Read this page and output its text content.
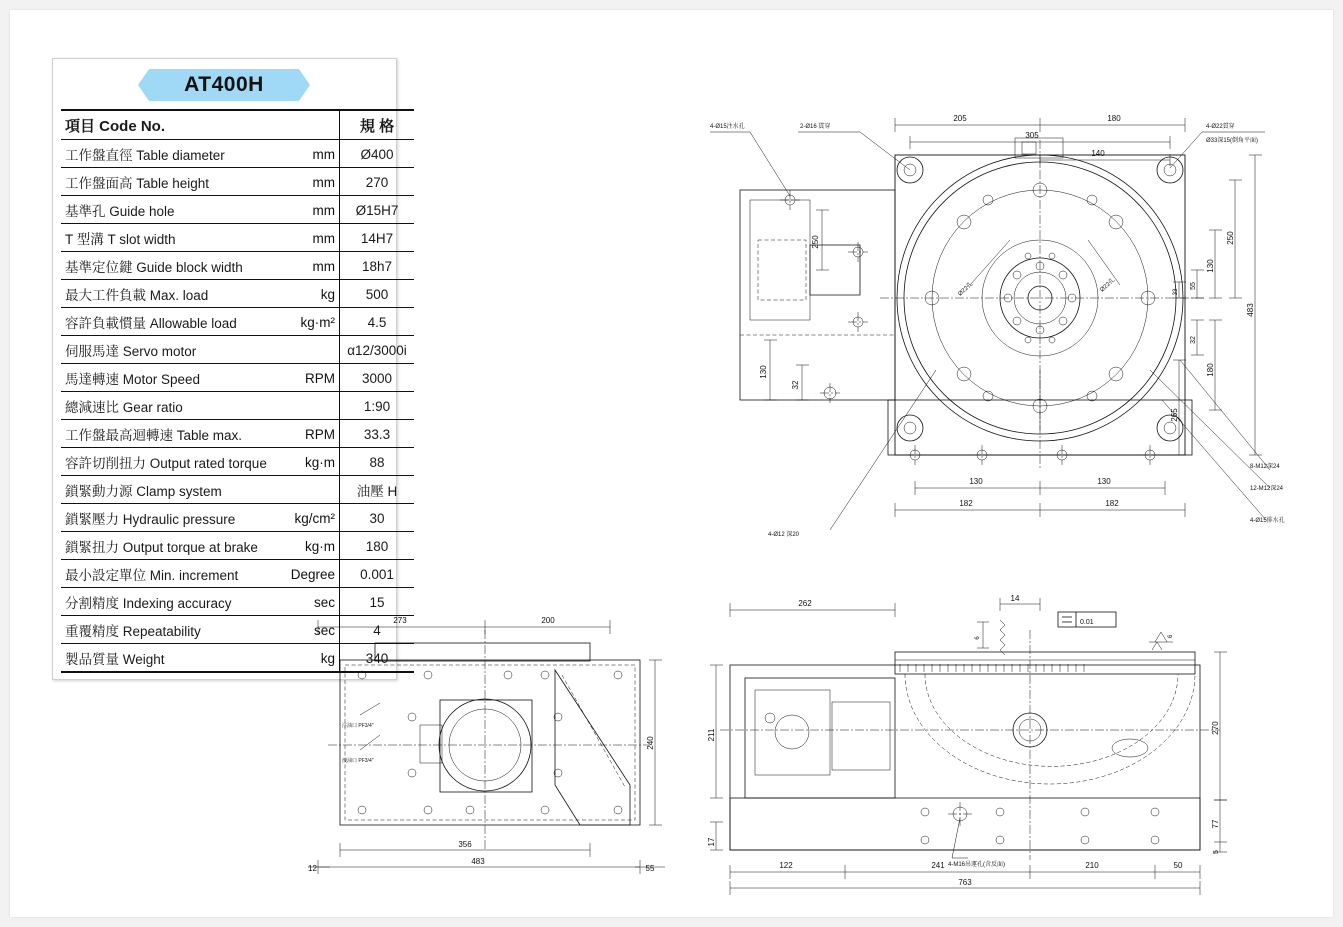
AT400H
項目 Code No.		規 格
工作盤直徑 Table diameter	mm	Ø400
工作盤面高 Table height	mm	270
基準孔 Guide hole	mm	Ø15H7
T 型溝 T slot width	mm	14H7
基準定位鍵 Guide block width	mm	18h7
最大工件負載 Max. load	kg	500
容許負載慣量 Allowable load	kg·m²	4.5
伺服馬達 Servo motor		α12/3000i
馬達轉速 Motor Speed	RPM	3000
總減速比 Gear ratio		1:90
工作盤最高迴轉速 Table max.	RPM	33.3
容許切削扭力 Output rated torque	kg·m	88
鎖緊動力源 Clamp system		油壓 H
鎖緊壓力 Hydraulic pressure	kg/cm²	30
鎖緊扭力 Output torque at brake	kg·m	180
最小設定單位 Min. increment	Degree	0.001
分割精度 Indexing accuracy	sec	15
重覆精度 Repeatability	sec	4
製品質量 Weight	kg	340
205	180
305
140
250
130
32
250
130
55
33
32
180
265
483
130	130
182	182
2-Ø16 貫穿
4-Ø15注水孔	4-Ø22貫穿
Ø33深15(倒角平面)
8-M12深24
12-M12深24
4-Ø15排水孔
4-Ø12 深20
Ø22孔	Ø22孔
注油口 PF3/4"
洩油口 PF3/4"
273	200
240
12
356
483
55
6
0.01
6
262
14
211
17
270
77
5
122	241	210	50
763
4-M16吊運孔(含反面)
